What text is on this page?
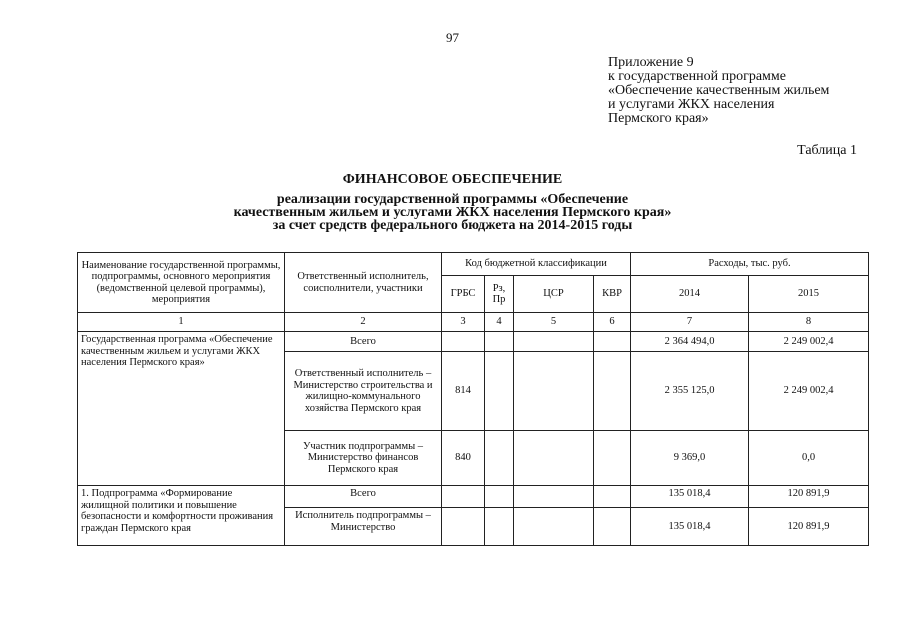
97
Приложение 9
к государственной программе
«Обеспечение качественным жильем
и услугами ЖКХ населения
Пермского края»
Таблица 1
ФИНАНСОВОЕ ОБЕСПЕЧЕНИЕ
реализации государственной программы «Обеспечение
качественным жильем и услугами ЖКХ населения Пермского края»
за счет средств федерального бюджета на 2014-2015 годы
Наименование государственной программы, подпрограммы, основного мероприятия (ведомственной целевой программы), мероприятия	Ответственный исполнитель, соисполнители, участники	Код бюджетной классификации				Расходы, тыс. руб.	
		ГРБС	Рз, Пр	ЦСР	КВР	2014	2015
1	2	3	4	5	6	7	8
Государственная программа «Обеспечение качественным жильем и услугами ЖКХ населения Пермского края»	Всего					2 364 494,0	2 249 002,4
	Ответственный исполнитель – Министерство строительства и жилищно-коммунального хозяйства Пермского края	814				2 355 125,0	2 249 002,4
	Участник подпрограммы – Министерство финансов Пермского края	840				9 369,0	0,0
1. Подпрограмма «Формирование жилищной политики и повышение безопасности и комфортности проживания граждан Пермского края	Всего					135 018,4	120 891,9
	Исполнитель подпрограммы – Министерство					135 018,4	120 891,9
